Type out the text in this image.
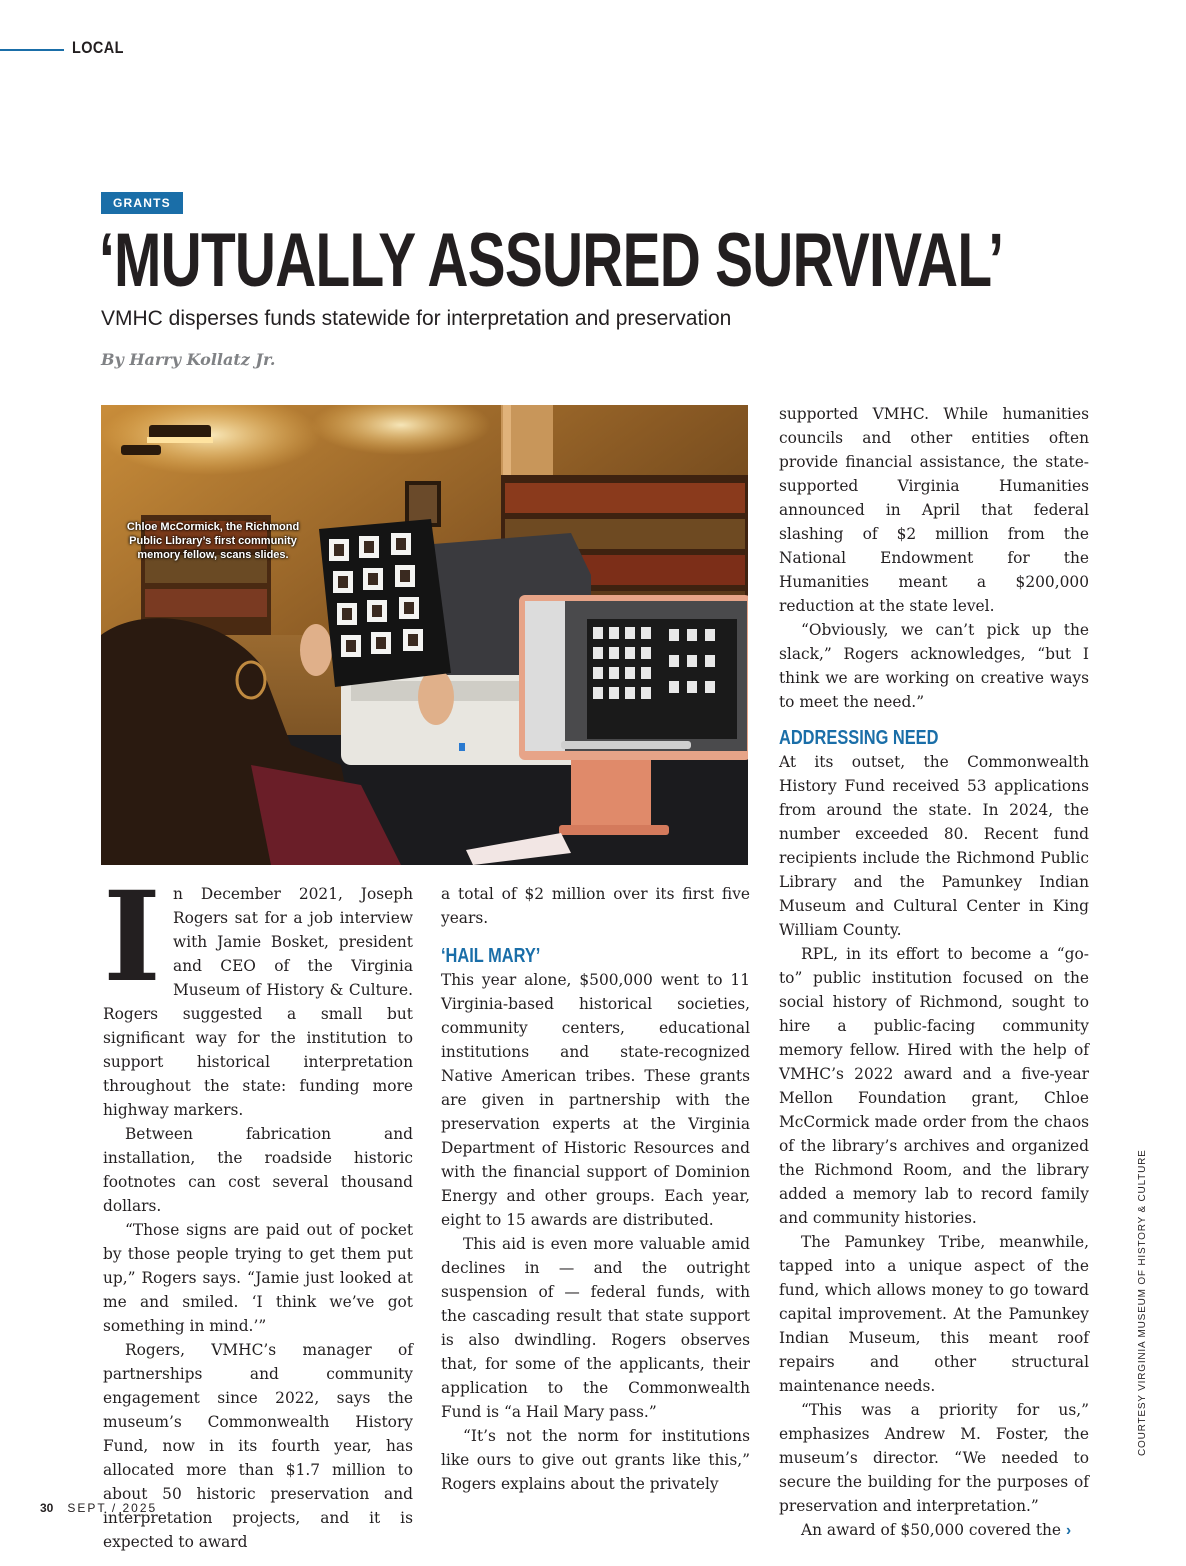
LOCAL
GRANTS
‘MUTUALLY ASSURED SURVIVAL’
VMHC disperses funds statewide for interpretation and preservation
By Harry Kollatz Jr.
Chloe McCormick, the Richmond Public Library’s first community memory fellow, scans slides.
I n December 2021, Joseph Rogers sat for a job interview with Jamie Bosket, president and CEO of the Virginia Museum of History & Culture. Rogers suggested a small but significant way for the institution to support historical interpretation throughout the state: funding more highway markers.

Between fabrication and installation, the roadside historic footnotes can cost several thousand dollars.

“Those signs are paid out of pocket by those people trying to get them put up,” Rogers says. “Jamie just looked at me and smiled. ‘I think we’ve got something in mind.’”

Rogers, VMHC’s manager of partnerships and community engagement since 2022, says the museum’s Commonwealth History Fund, now in its fourth year, has allocated more than $1.7 million to about 50 historic preservation and interpretation projects, and it is expected to award

a total of $2 million over its first five years.

‘HAIL MARY’

This year alone, $500,000 went to 11 Virginia-based historical societies, community centers, educational institutions and state-recognized Native American tribes. These grants are given in partnership with the preservation experts at the Virginia Department of Historic Resources and with the financial support of Dominion Energy and other groups. Each year, eight to 15 awards are distributed.

This aid is even more valuable amid declines in — and the outright suspension of — federal funds, with the cascading result that state support is also dwindling. Rogers observes that, for some of the applicants, their application to the Commonwealth Fund is “a Hail Mary pass.”

“It’s not the norm for institutions like ours to give out grants like this,” Rogers explains about the privately

supported VMHC. While humanities councils and other entities often provide financial assistance, the state-supported Virginia Humanities announced in April that federal slashing of $2 million from the National Endowment for the Humanities meant a $200,000 reduction at the state level.

“Obviously, we can’t pick up the slack,” Rogers acknowledges, “but I think we are working on creative ways to meet the need.”

ADDRESSING NEED

At its outset, the Commonwealth History Fund received 53 applications from around the state. In 2024, the number exceeded 80. Recent fund recipients include the Richmond Public Library and the Pamunkey Indian Museum and Cultural Center in King William County.

RPL, in its effort to become a “go-to” public institution focused on the social history of Richmond, sought to hire a public-facing community memory fellow. Hired with the help of VMHC’s 2022 award and a five-year Mellon Foundation grant, Chloe McCormick made order from the chaos of the library’s archives and organized the Richmond Room, and the library added a memory lab to record family and community histories.

The Pamunkey Tribe, meanwhile, tapped into a unique aspect of the fund, which allows money to go toward capital improvement. At the Pamunkey Indian Museum, this meant roof repairs and other structural maintenance needs.

“This was a priority for us,” emphasizes Andrew M. Foster, the museum’s director. “We needed to secure the building for the purposes of preservation and interpretation.”

An award of $50,000 covered the ›

COURTESY VIRGINIA MUSEUM OF HISTORY & CULTURE
30 SEPT / 2025
